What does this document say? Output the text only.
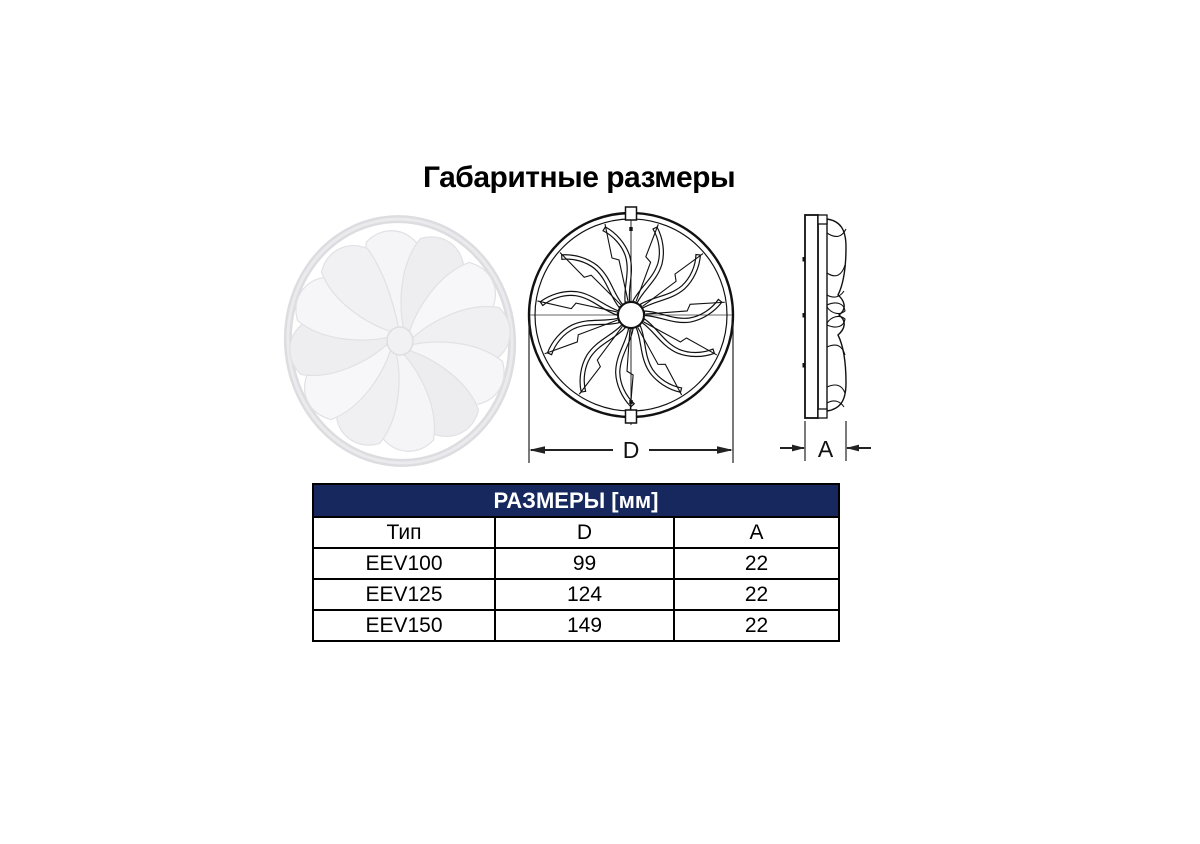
Габаритные размеры
D	A
РАЗМЕРЫ [мм]		
Тип	D	A
EEV100	99	22
EEV125	124	22
EEV150	149	22
